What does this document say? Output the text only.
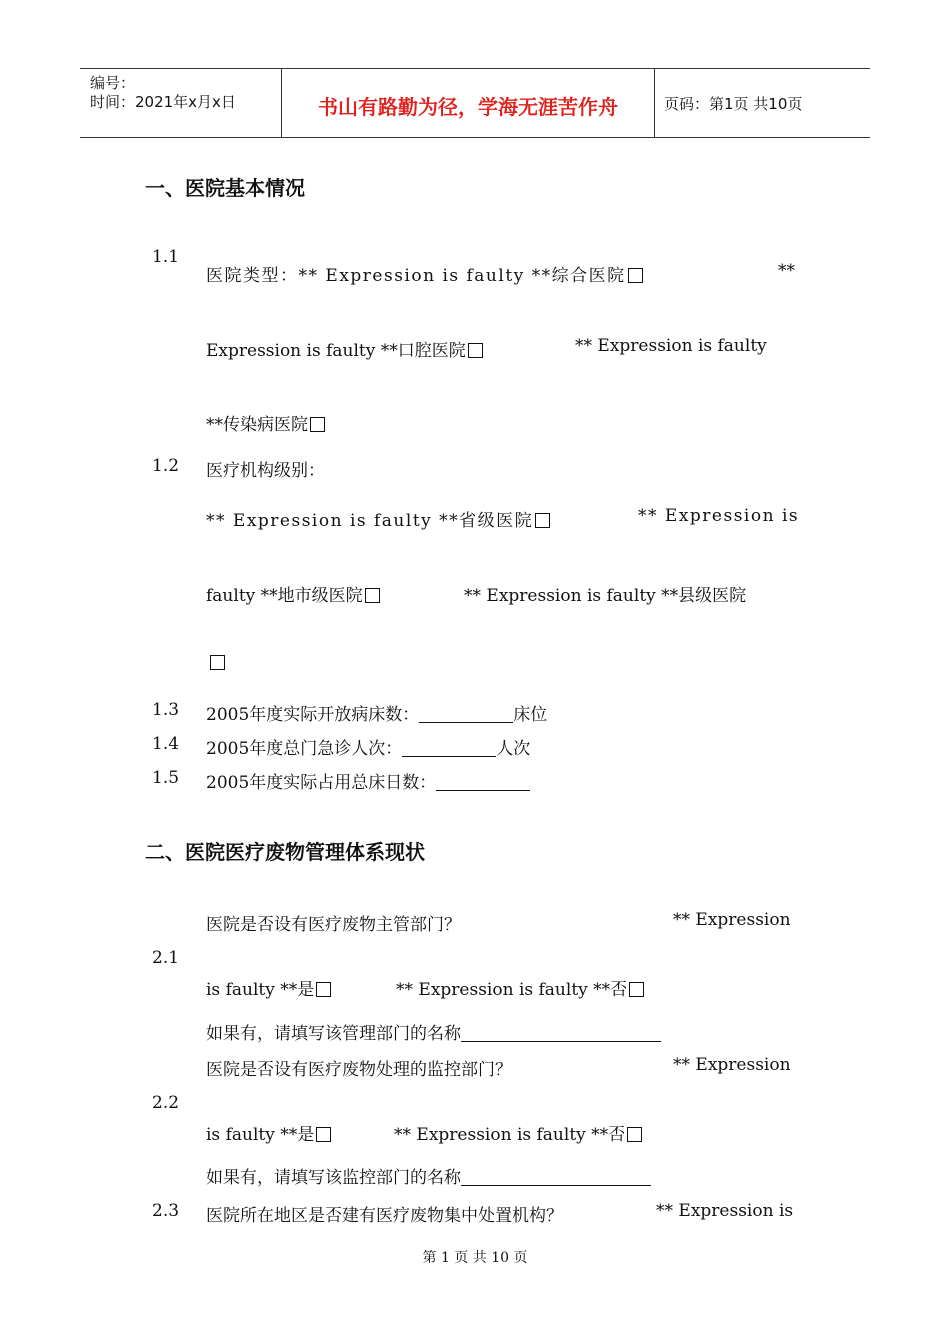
编号：
时间：2021年x月x日	书山有路勤为径，学海无涯苦作舟	页码：第1页 共10页
一、医院基本情况
1.1
医院类型：** Expression is faulty **综合医院	**
Expression is faulty **口腔医院	** Expression is faulty
**传染病医院
1.2 医疗机构级别：
** Expression is faulty **省级医院	** Expression is
faulty **地市级医院	** Expression is faulty **县级医院
1.3 2005年度实际开放病床数：	床位
1.4 2005年度总门急诊人次：	人次
1.5 2005年度实际占用总床日数：
二、医院医疗废物管理体系现状
医院是否设有医疗废物主管部门？	** Expression
2.1
is faulty **是	** Expression is faulty **否
如果有，请填写该管理部门的名称
医院是否设有医疗废物处理的监控部门？	** Expression
2.2
is faulty **是	** Expression is faulty **否
如果有，请填写该监控部门的名称
2.3 医院所在地区是否建有医疗废物集中处置机构？	** Expression is
第 1 页 共 10 页
